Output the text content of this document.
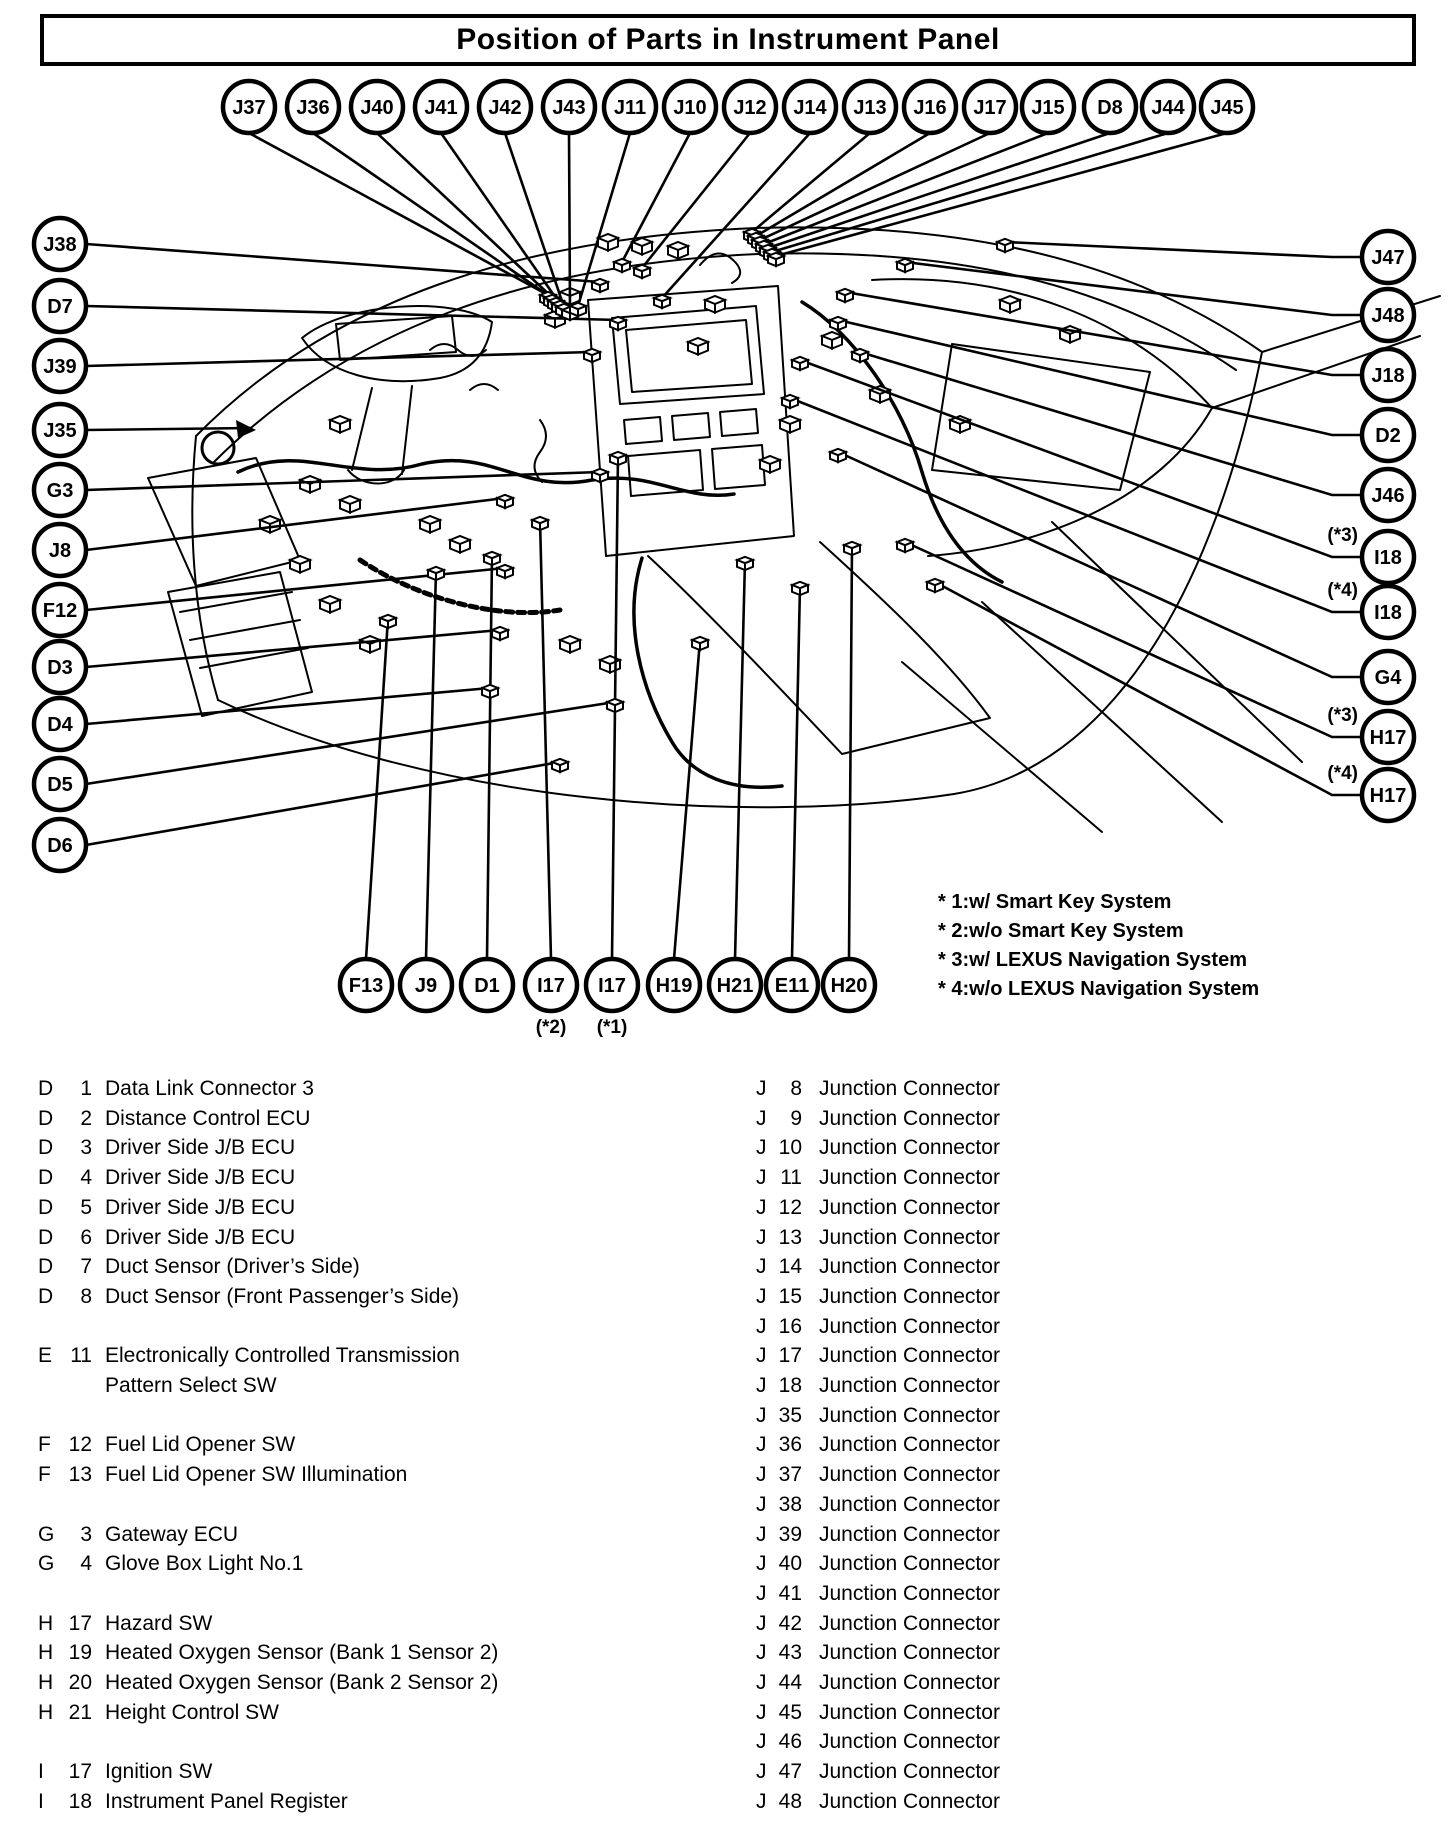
Position of Parts in Instrument Panel
J37 J36 J40 J41 J42 J43 J11 J10 J12 J14 J13 J16 J17 J15 D8 J44 J45
J38
D7
J39
J35
G3
J8
F12
D3
D4
D5
D6
J47
J48
J18
D2
J46
I18
(*3)
I18
(*4)
G4
H17
(*3)
H17
(*4)
F13 J9 D1 I17
(*2)
I17
(*1)
H19 H21 E11 H20
* 1:w/ Smart Key System
* 2:w/o Smart Key System
* 3:w/ LEXUS Navigation System
* 4:w/o LEXUS Navigation System
D	1 Data Link Connector 3
D	2 Distance Control ECU
D	3 Driver Side J/B ECU
D	4 Driver Side J/B ECU
D	5 Driver Side J/B ECU
D	6 Driver Side J/B ECU
D	7 Duct Sensor (Driver’s Side)
D	8 Duct Sensor (Front Passenger’s Side)
E 11 Electronically Controlled Transmission
Pattern Select SW
F 12 Fuel Lid Opener SW
F 13 Fuel Lid Opener SW Illumination
G	3 Gateway ECU
G	4 Glove Box Light No.1
H 17 Hazard SW
H 19 Heated Oxygen Sensor (Bank 1 Sensor 2)
H 20 Heated Oxygen Sensor (Bank 2 Sensor 2)
H 21 Height Control SW
I	17 Ignition SW
I	18 Instrument Panel Register
J	8 Junction Connector
J	9 Junction Connector
J 10 Junction Connector
J 11 Junction Connector
J 12 Junction Connector
J 13 Junction Connector
J 14 Junction Connector
J 15 Junction Connector
J 16 Junction Connector
J 17 Junction Connector
J 18 Junction Connector
J 35 Junction Connector
J 36 Junction Connector
J 37 Junction Connector
J 38 Junction Connector
J 39 Junction Connector
J 40 Junction Connector
J 41 Junction Connector
J 42 Junction Connector
J 43 Junction Connector
J 44 Junction Connector
J 45 Junction Connector
J 46 Junction Connector
J 47 Junction Connector
J 48 Junction Connector
